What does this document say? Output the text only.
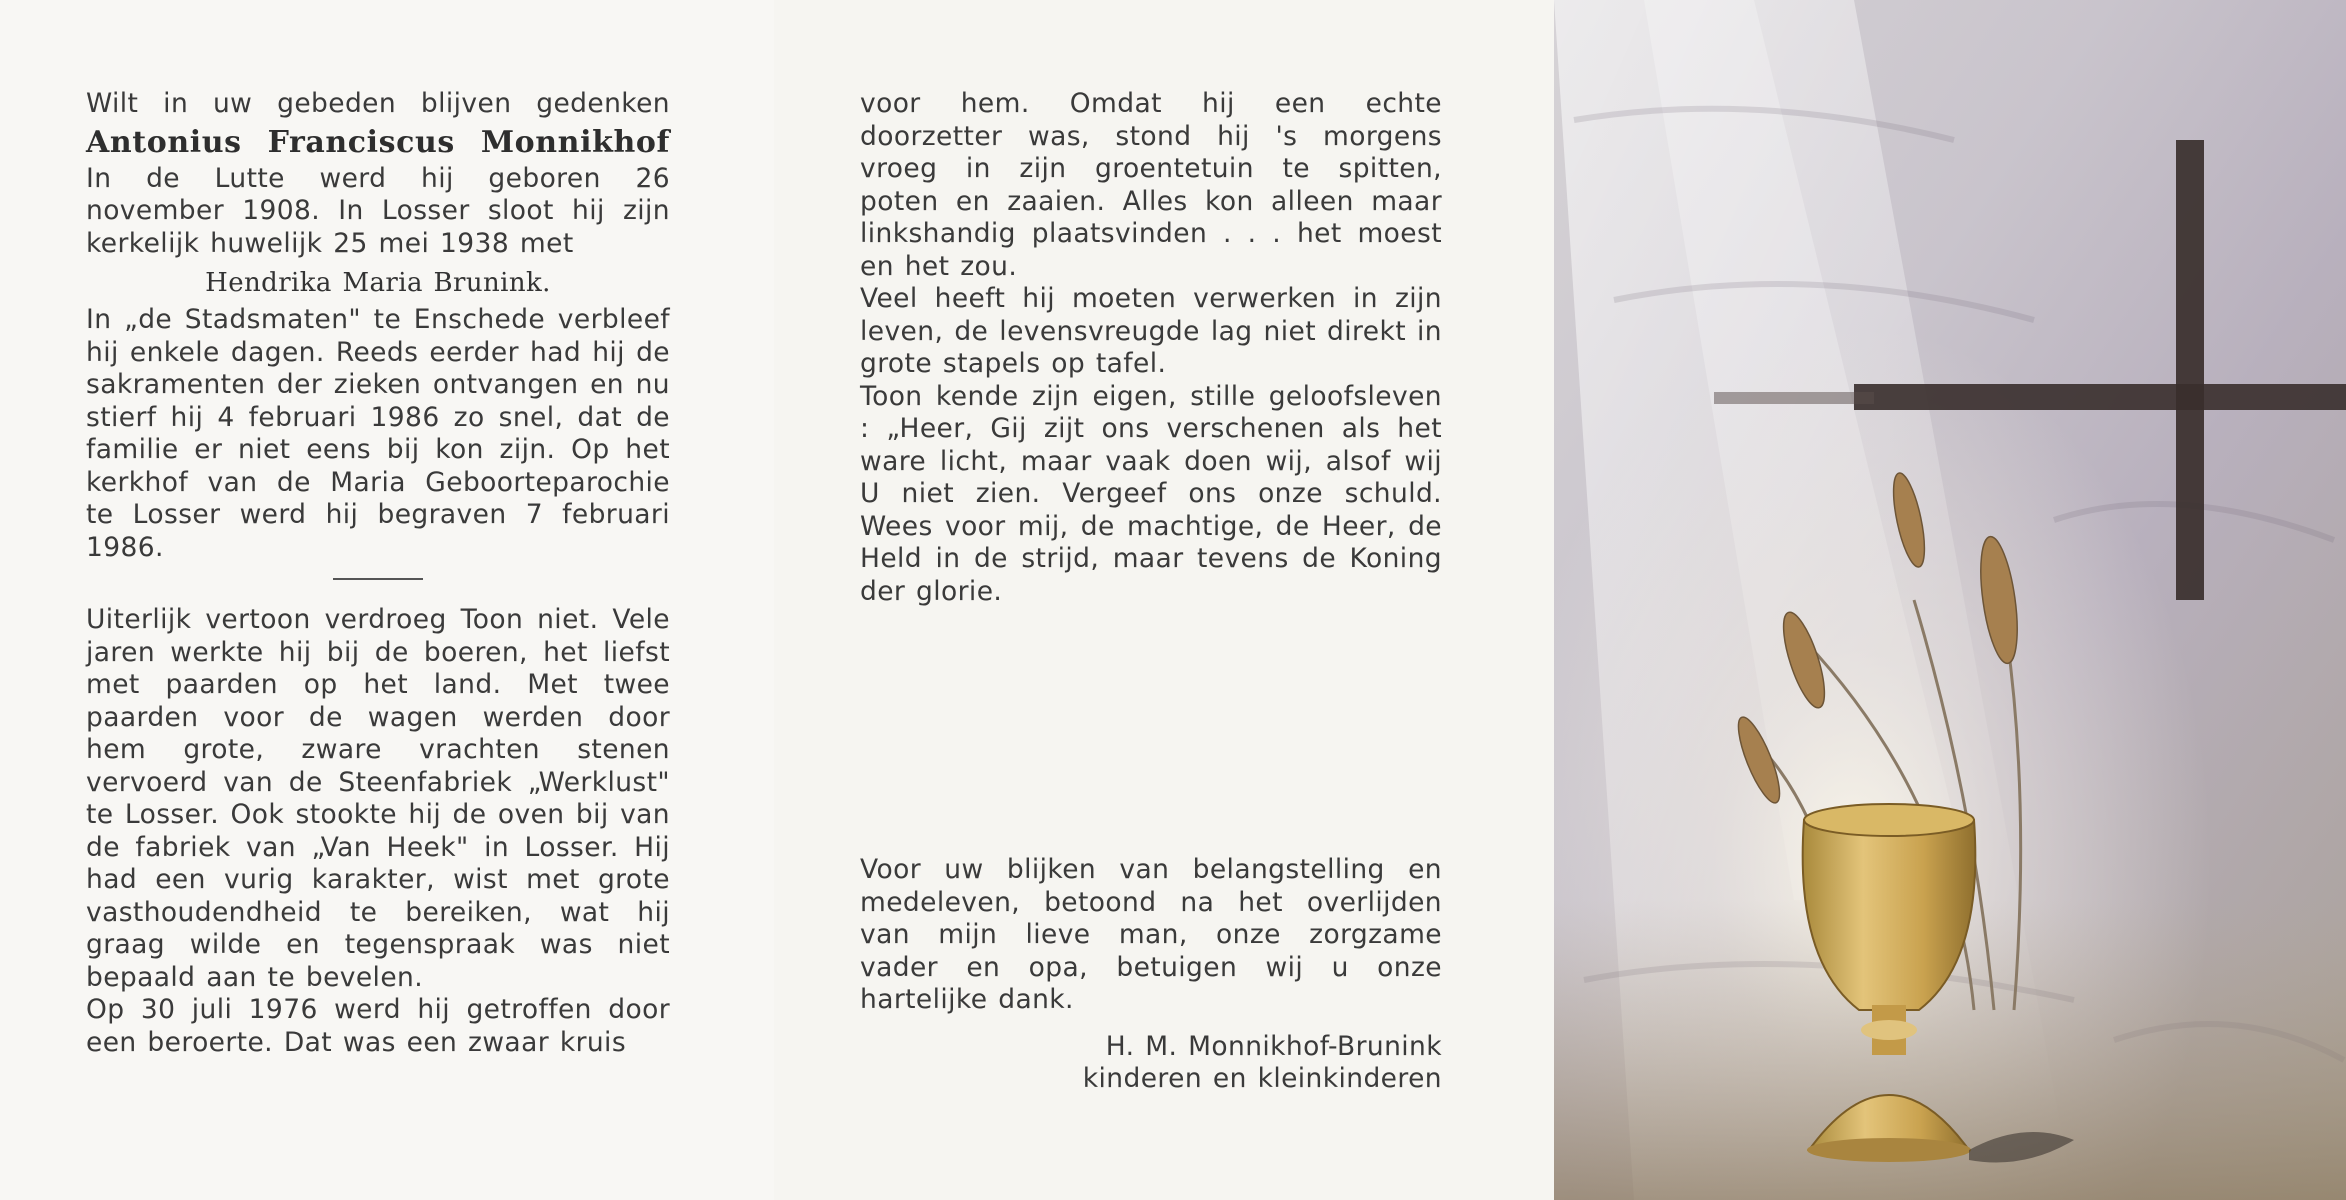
Wilt in uw gebeden blijven gedenken

Antonius Franciscus Monnikhof

In de Lutte werd hij geboren 26 november 1908. In Losser sloot hij zijn kerkelijk huwelijk 25 mei 1938 met

Hendrika Maria Brunink.

In „de Stadsmaten" te Enschede verbleef hij enkele dagen. Reeds eerder had hij de sakramenten der zieken ontvangen en nu stierf hij 4 februari 1986 zo snel, dat de familie er niet eens bij kon zijn. Op het kerkhof van de Maria Geboorteparochie te Losser werd hij begraven 7 februari 1986.

Uiterlijk vertoon verdroeg Toon niet. Vele jaren werkte hij bij de boeren, het liefst met paarden op het land. Met twee paarden voor de wagen werden door hem grote, zware vrachten stenen vervoerd van de Steenfabriek „Werklust" te Losser. Ook stookte hij de oven bij van de fabriek van „Van Heek" in Losser. Hij had een vurig karakter, wist met grote vasthoudendheid te bereiken, wat hij graag wilde en tegenspraak was niet bepaald aan te bevelen.

Op 30 juli 1976 werd hij getroffen door een beroerte. Dat was een zwaar kruis

voor hem. Omdat hij een echte doorzetter was, stond hij 's morgens vroeg in zijn groentetuin te spitten, poten en zaaien. Alles kon alleen maar linkshandig plaatsvinden . . . het moest en het zou.

Veel heeft hij moeten verwerken in zijn leven, de levensvreugde lag niet direkt in grote stapels op tafel.

Toon kende zijn eigen, stille geloofsleven : „Heer, Gij zijt ons verschenen als het ware licht, maar vaak doen wij, alsof wij U niet zien. Vergeef ons onze schuld. Wees voor mij, de machtige, de Heer, de Held in de strijd, maar tevens de Koning der glorie.

Voor uw blijken van belangstelling en medeleven, betoond na het overlijden van mijn lieve man, onze zorgzame vader en opa, betuigen wij u onze hartelijke dank.

H. M. Monnikhof-Brunink

kinderen en kleinkinderen
